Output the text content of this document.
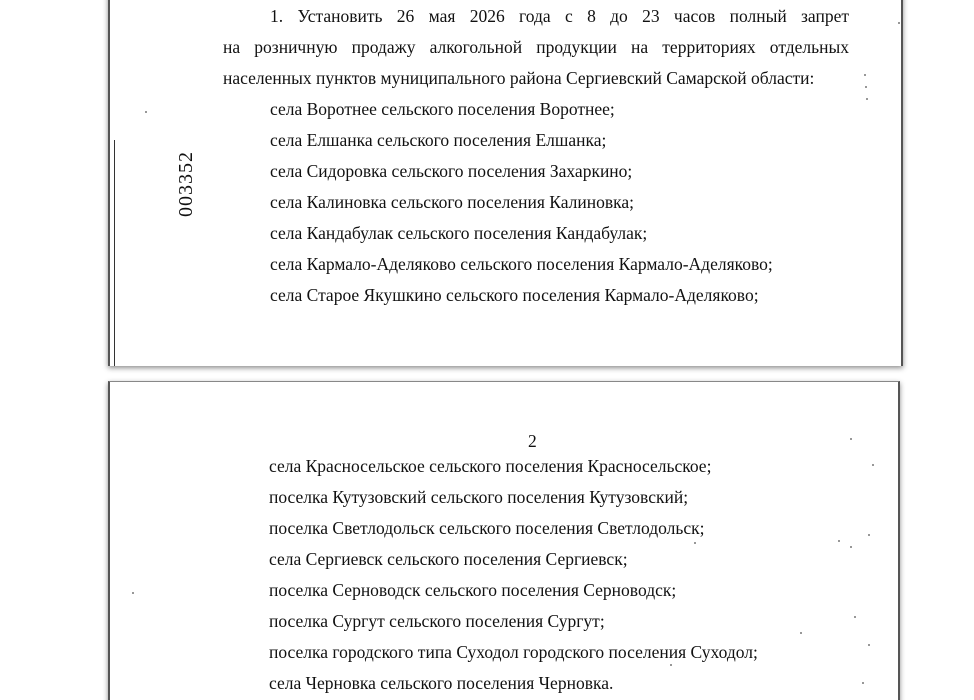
003352
1. Установить 26 мая 2026 года с 8 до 23 часов полный запрет
на розничную продажу алкогольной продукции на территориях отдельных
населенных пунктов муниципального района Сергиевский Самарской области:
села Воротнее сельского поселения Воротнее;
села Елшанка сельского поселения Елшанка;
села Сидоровка сельского поселения Захаркино;
села Калиновка сельского поселения Калиновка;
села Кандабулак сельского поселения Кандабулак;
села Кармало-Аделяково сельского поселения Кармало-Аделяково;
села Старое Якушкино сельского поселения Кармало-Аделяково;
2
села Красносельское сельского поселения Красносельское;
поселка Кутузовский сельского поселения Кутузовский;
поселка Светлодольск сельского поселения Светлодольск;
села Сергиевск сельского поселения Сергиевск;
поселка Серноводск сельского поселения Серноводск;
поселка Сургут сельского поселения Сургут;
поселка городского типа Суходол городского поселения Суходол;
села Черновка сельского поселения Черновка.
